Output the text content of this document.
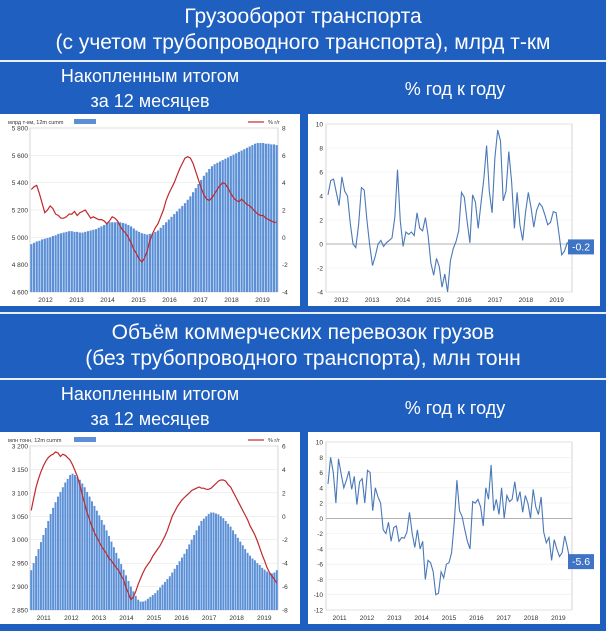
Грузооборот транспорта
(с учетом трубопроводного транспорта), млрд т-км
Накопленным итогом
за 12 месяцев
% год к году
4 600
4 800
5 000
5 200
5 400
5 600
5 800
-4
-2
0
2
4
6
8
2012	2013	2014	2015	2016	2017	2018	2019
млрд т-км, 12m cumm	% г/г
-4
-2
0
2
4
6
8
10
2012	2013	2014	2015	2016	2017	2018	2019
-0.2
Объём коммерческих перевозок грузов
(без трубопроводного транспорта), млн тонн
Накопленным итогом
за 12 месяцев
% год к году
2 850
2 900
2 950
3 000
3 050
3 100
3 150
3 200
-8
-6
-4
-2
0
2
4
6
2011 2012 2013 2014 2015 2016 2017 2018 2019
млн тонн, 12m cumm	% г/г
-12
-10
-8
-6
-4
-2
0
2
4
6
8
10
2011 2012 2013 2014 2015 2016 2017 2018 2019
-5.6
